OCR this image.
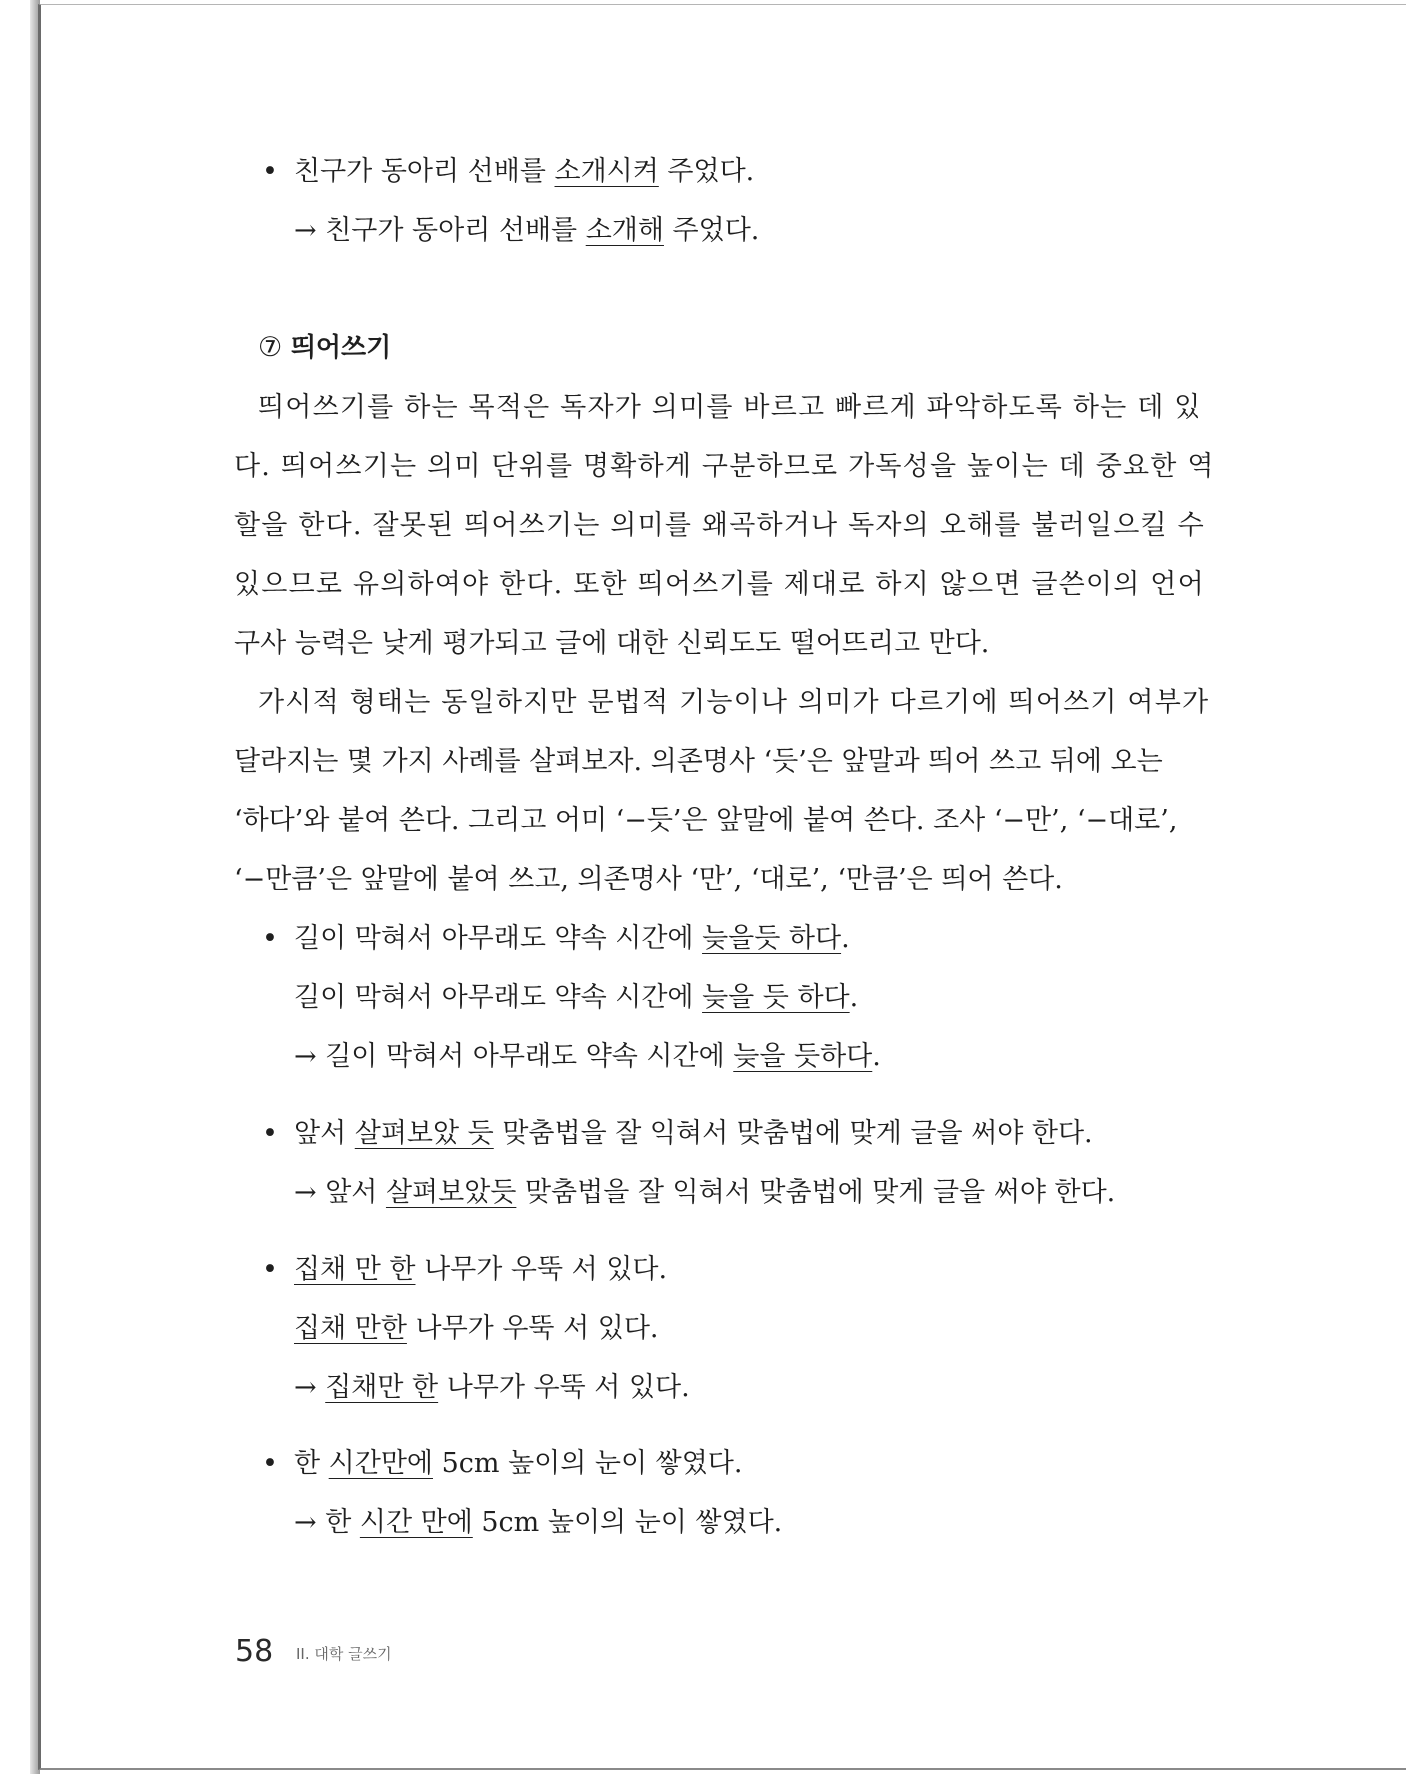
• 친구가 동아리 선배를 소개시켜 주었다.
→ 친구가 동아리 선배를 소개해 주었다.
⑦ 띄어쓰기
띄어쓰기를 하는 목적은 독자가 의미를 바르고 빠르게 파악하도록 하는 데 있
다. 띄어쓰기는 의미 단위를 명확하게 구분하므로 가독성을 높이는 데 중요한 역
할을 한다. 잘못된 띄어쓰기는 의미를 왜곡하거나 독자의 오해를 불러일으킬 수
있으므로 유의하여야 한다. 또한 띄어쓰기를 제대로 하지 않으면 글쓴이의 언어
구사 능력은 낮게 평가되고 글에 대한 신뢰도도 떨어뜨리고 만다.
가시적 형태는 동일하지만 문법적 기능이나 의미가 다르기에 띄어쓰기 여부가
달라지는 몇 가지 사례를 살펴보자. 의존명사 ‘듯’은 앞말과 띄어 쓰고 뒤에 오는
‘하다’와 붙여 쓴다. 그리고 어미 ‘−듯’은 앞말에 붙여 쓴다. 조사 ‘−만’, ‘−대로’,
‘−만큼’은 앞말에 붙여 쓰고, 의존명사 ‘만’, ‘대로’, ‘만큼’은 띄어 쓴다.
• 길이 막혀서 아무래도 약속 시간에 늦을듯 하다.
길이 막혀서 아무래도 약속 시간에 늦을 듯 하다.
→ 길이 막혀서 아무래도 약속 시간에 늦을 듯하다.
• 앞서 살펴보았 듯 맞춤법을 잘 익혀서 맞춤법에 맞게 글을 써야 한다.
→ 앞서 살펴보았듯 맞춤법을 잘 익혀서 맞춤법에 맞게 글을 써야 한다.
• 집채 만 한 나무가 우뚝 서 있다.
집채 만한 나무가 우뚝 서 있다.
→ 집채만 한 나무가 우뚝 서 있다.
• 한 시간만에 5cm 높이의 눈이 쌓였다.
→ 한 시간 만에 5cm 높이의 눈이 쌓였다.
58 II. 대학 글쓰기
